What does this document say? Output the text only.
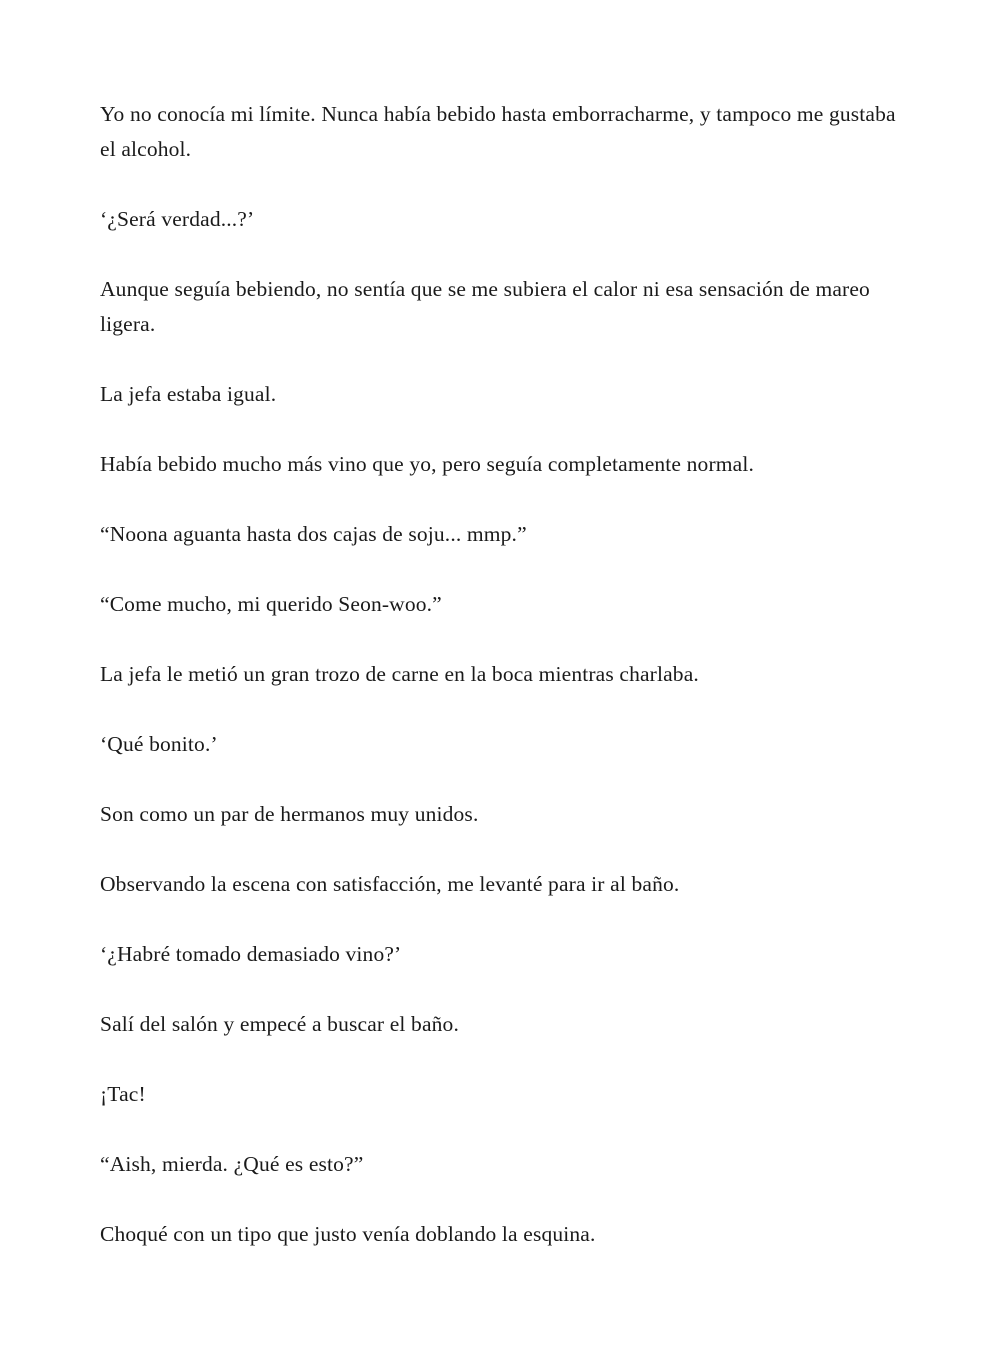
Yo no conocía mi límite. Nunca había bebido hasta emborracharme, y tampoco me gustaba el alcohol.

‘¿Será verdad...?’

Aunque seguía bebiendo, no sentía que se me subiera el calor ni esa sensación de mareo ligera.

La jefa estaba igual.

Había bebido mucho más vino que yo, pero seguía completamente normal.

“Noona aguanta hasta dos cajas de soju... mmp.”

“Come mucho, mi querido Seon-woo.”

La jefa le metió un gran trozo de carne en la boca mientras charlaba.

‘Qué bonito.’

Son como un par de hermanos muy unidos.

Observando la escena con satisfacción, me levanté para ir al baño.

‘¿Habré tomado demasiado vino?’

Salí del salón y empecé a buscar el baño.

¡Tac!

“Aish, mierda. ¿Qué es esto?”

Choqué con un tipo que justo venía doblando la esquina.
